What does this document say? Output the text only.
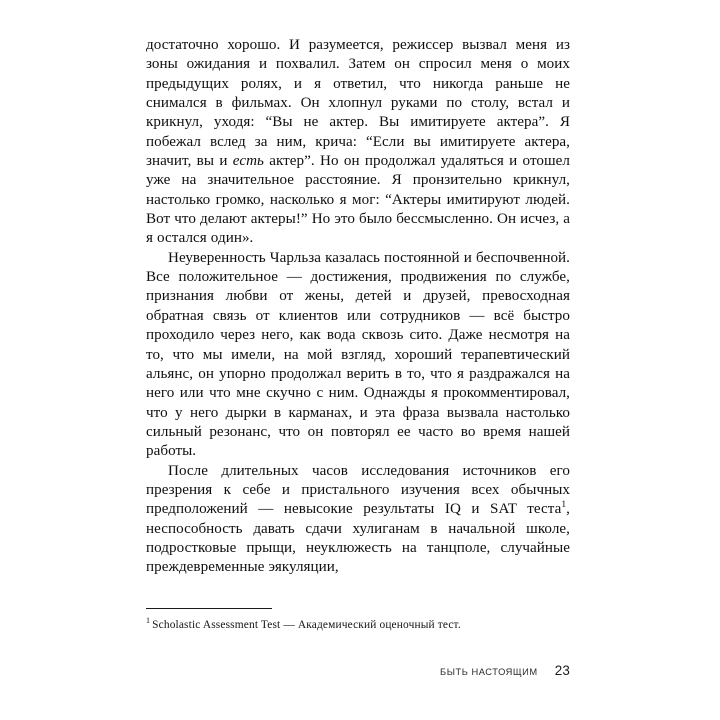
достаточно хорошо. И разумеется, режиссер вызвал меня из зоны ожидания и похвалил. Затем он спросил меня о моих предыдущих ролях, и я ответил, что никогда раньше не снимался в фильмах. Он хлопнул руками по столу, встал и крикнул, уходя: “Вы не актер. Вы имитируете актера”. Я побежал вслед за ним, крича: “Если вы имитируете актера, значит, вы и есть актер”. Но он продолжал удаляться и отошел уже на значительное расстояние. Я пронзительно крикнул, настолько громко, насколько я мог: “Актеры имитируют людей. Вот что делают актеры!” Но это было бессмысленно. Он исчез, а я остался один».

Неуверенность Чарльза казалась постоянной и беспочвенной. Все положительное — достижения, продвижения по службе, признания любви от жены, детей и друзей, превосходная обратная связь от клиентов или сотрудников — всё быстро проходило через него, как вода сквозь сито. Даже несмотря на то, что мы имели, на мой взгляд, хороший терапевтический альянс, он упорно продолжал верить в то, что я раздражался на него или что мне скучно с ним. Однажды я прокомментировал, что у него дырки в карманах, и эта фраза вызвала настолько сильный резонанс, что он повторял ее часто во время нашей работы.

После длительных часов исследования источников его презрения к себе и пристального изучения всех обычных предположений — невысокие результаты IQ и SAT теста$^1$, неспособность давать сдачи хулиганам в начальной школе, подростковые прыщи, неуклюжесть на танцполе, случайные преждевременные эякуляции,

$^1$ Scholastic Assessment Test — Академический оценочный тест.

БЫТЬ НАСТОЯЩИМ 23
